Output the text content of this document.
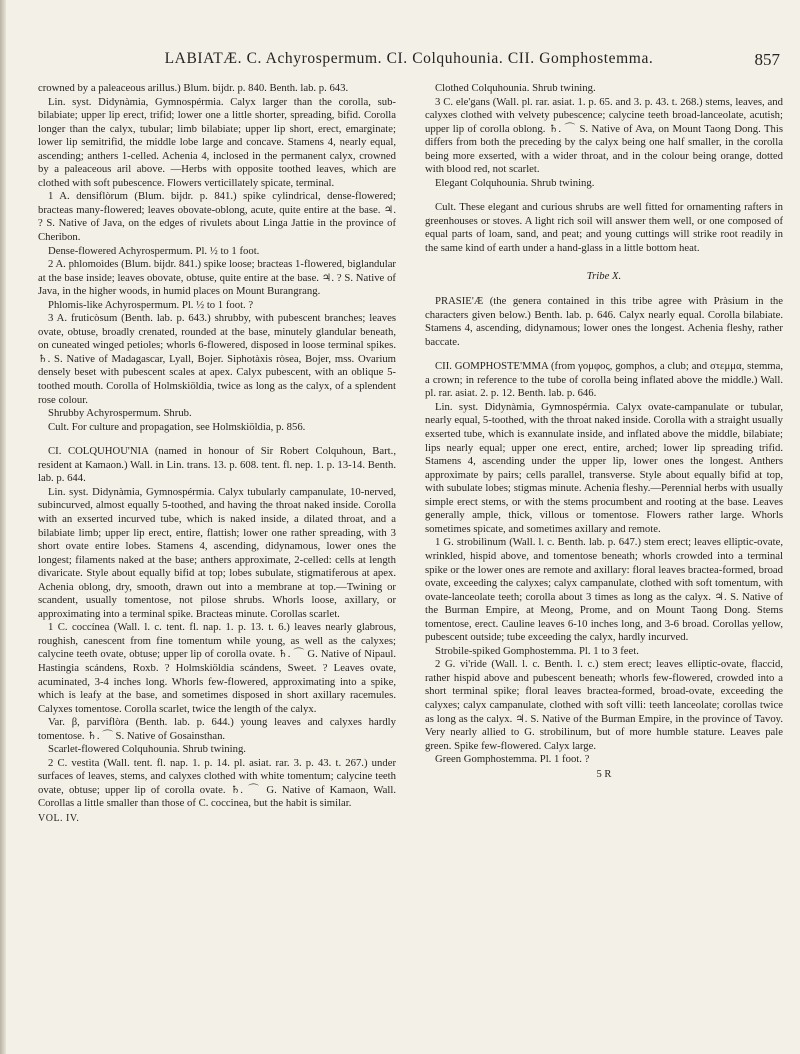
LABIATÆ. C. Achyrospermum. CI. Colquhounia. CII. Gomphostemma.	857

crowned by a paleaceous arillus.) Blum. bijdr. p. 840. Benth. lab. p. 643.

Lin. syst. Didynàmia, Gymnospérmia. Calyx larger than the corolla, sub-bilabiate; upper lip erect, trifid; lower one a little shorter, spreading, bifid. Corolla longer than the calyx, tubular; limb bilabiate; upper lip short, erect, emarginate; lower lip semitrifid, the middle lobe large and concave. Stamens 4, nearly equal, ascending; anthers 1-celled. Achenia 4, inclosed in the permanent calyx, crowned by a paleaceous aril above. —Herbs with opposite toothed leaves, which are clothed with soft pubescence. Flowers verticillately spicate, terminal.

1 A. densiflòrum (Blum. bijdr. p. 841.) spike cylindrical, dense-flowered; bracteas many-flowered; leaves obovate-oblong, acute, quite entire at the base. ♃. ? S. Native of Java, on the edges of rivulets about Linga Jattie in the province of Cheribon.

Dense-flowered Achyrospermum. Pl. ½ to 1 foot.

2 A. phlomoìdes (Blum. bijdr. 841.) spike loose; bracteas 1-flowered, biglandular at the base inside; leaves obovate, obtuse, quite entire at the base. ♃. ? S. Native of Java, in the higher woods, in humid places on Mount Burangrang.

Phlomis-like Achyrospermum. Pl. ½ to 1 foot. ?

3 A. fruticòsum (Benth. lab. p. 643.) shrubby, with pubescent branches; leaves ovate, obtuse, broadly crenated, rounded at the base, minutely glandular beneath, on cuneated winged petioles; whorls 6-flowered, disposed in loose terminal spikes. ♄. S. Native of Madagascar, Lyall, Bojer. Siphotàxis ròsea, Bojer, mss. Ovarium densely beset with pubescent scales at apex. Calyx pubescent, with an oblique 5-toothed mouth. Corolla of Holmskiöldia, twice as long as the calyx, of a splendent rose colour.

Shrubby Achyrospermum. Shrub.

Cult. For culture and propagation, see Holmskiöldia, p. 856.

CI. COLQUHOU'NIA (named in honour of Sir Robert Colquhoun, Bart., resident at Kamaon.) Wall. in Lin. trans. 13. p. 608. tent. fl. nep. 1. p. 13-14. Benth. lab. p. 644.

Lin. syst. Didynàmia, Gymnospérmia. Calyx tubularly campanulate, 10-nerved, subincurved, almost equally 5-toothed, and having the throat naked inside. Corolla with an exserted incurved tube, which is naked inside, a dilated throat, and a bilabiate limb; upper lip erect, entire, flattish; lower one rather spreading, with 3 short ovate entire lobes. Stamens 4, ascending, didynamous, lower ones the longest; filaments naked at the base; anthers approximate, 2-celled: cells at length divaricate. Style about equally bifid at top; lobes subulate, stigmatiferous at apex. Achenia oblong, dry, smooth, drawn out into a membrane at top.—Twining or scandent, usually tomentose, not pilose shrubs. Whorls loose, axillary, or approximating into a terminal spike. Bracteas minute. Corollas scarlet.

1 C. coccínea (Wall. l. c. tent. fl. nap. 1. p. 13. t. 6.) leaves nearly glabrous, roughish, canescent from fine tomentum while young, as well as the calyxes; calycine teeth ovate, obtuse; upper lip of corolla ovate. ♄. ⌒ G. Native of Nipaul. Hastingia scándens, Roxb. ? Holmskiöldia scándens, Sweet. ? Leaves ovate, acuminated, 3-4 inches long. Whorls few-flowered, approximating into a spike, which is leafy at the base, and sometimes disposed in short axillary racemules. Calyxes tomentose. Corolla scarlet, twice the length of the calyx.

Var. β, parviflòra (Benth. lab. p. 644.) young leaves and calyxes hardly tomentose. ♄. ⌒ S. Native of Gosainsthan.

Scarlet-flowered Colquhounia. Shrub twining.

2 C. vestìta (Wall. tent. fl. nap. 1. p. 14. pl. asiat. rar. 3. p. 43. t. 267.) under surfaces of leaves, stems, and calyxes clothed with white tomentum; calycine teeth ovate, obtuse; upper lip of corolla ovate. ♄. ⌒ G. Native of Kamaon, Wall. Corollas a little smaller than those of C. coccinea, but the habit is similar.

VOL. IV.

Clothed Colquhounia. Shrub twining.

3 C. ele'gans (Wall. pl. rar. asiat. 1. p. 65. and 3. p. 43. t. 268.) stems, leaves, and calyxes clothed with velvety pubescence; calycine teeth broad-lanceolate, acutish; upper lip of corolla oblong. ♄. ⌒ S. Native of Ava, on Mount Taong Dong. This differs from both the preceding by the calyx being one half smaller, in the corolla being more exserted, with a wider throat, and in the colour being orange, dotted with blood red, not scarlet.

Elegant Colquhounia. Shrub twining.

Cult. These elegant and curious shrubs are well fitted for ornamenting rafters in greenhouses or stoves. A light rich soil will answer them well, or one composed of equal parts of loam, sand, and peat; and young cuttings will strike root readily in the same kind of earth under a hand-glass in a little bottom heat.

Tribe X.

PRASIE'Æ (the genera contained in this tribe agree with Pràsium in the characters given below.) Benth. lab. p. 646. Calyx nearly equal. Corolla bilabiate. Stamens 4, ascending, didynamous; lower ones the longest. Achenia fleshy, rather baccate.

CII. GOMPHOSTE'MMA (from γομφος, gomphos, a club; and στεμμα, stemma, a crown; in reference to the tube of corolla being inflated above the middle.) Wall. pl. rar. asiat. 2. p. 12. Benth. lab. p. 646.

Lin. syst. Didynàmia, Gymnospérmia. Calyx ovate-campanulate or tubular, nearly equal, 5-toothed, with the throat naked inside. Corolla with a straight usually exserted tube, which is exannulate inside, and inflated above the middle, bilabiate; lips nearly equal; upper one erect, entire, arched; lower lip spreading trifid. Stamens 4, ascending under the upper lip, lower ones the longest. Anthers approximate by pairs; cells parallel, transverse. Style about equally bifid at top, with subulate lobes; stigmas minute. Achenia fleshy.—Perennial herbs with usually simple erect stems, or with the stems procumbent and rooting at the base. Leaves generally ample, thick, villous or tomentose. Flowers rather large. Whorls sometimes spicate, and sometimes axillary and remote.

1 G. strobilìnum (Wall. l. c. Benth. lab. p. 647.) stem erect; leaves elliptic-ovate, wrinkled, hispid above, and tomentose beneath; whorls crowded into a terminal spike or the lower ones are remote and axillary: floral leaves bractea-formed, broad ovate, exceeding the calyxes; calyx campanulate, clothed with soft tomentum, with ovate-lanceolate teeth; corolla about 3 times as long as the calyx. ♃. S. Native of the Burman Empire, at Meong, Prome, and on Mount Taong Dong. Stems tomentose, erect. Cauline leaves 6-10 inches long, and 3-6 broad. Corollas yellow, pubescent outside; tube exceeding the calyx, hardly incurved.

Strobile-spiked Gomphostemma. Pl. 1 to 3 feet.

2 G. vi'ride (Wall. l. c. Benth. l. c.) stem erect; leaves elliptic-ovate, flaccid, rather hispid above and pubescent beneath; whorls few-flowered, crowded into a short terminal spike; floral leaves bractea-formed, broad-ovate, exceeding the calyxes; calyx campanulate, clothed with soft villi: teeth lanceolate; corollas twice as long as the calyx. ♃. S. Native of the Burman Empire, in the province of Tavoy. Very nearly allied to G. strobilinum, but of more humble stature. Leaves pale green. Spike few-flowered. Calyx large.

Green Gomphostemma. Pl. 1 foot. ?

5 R
